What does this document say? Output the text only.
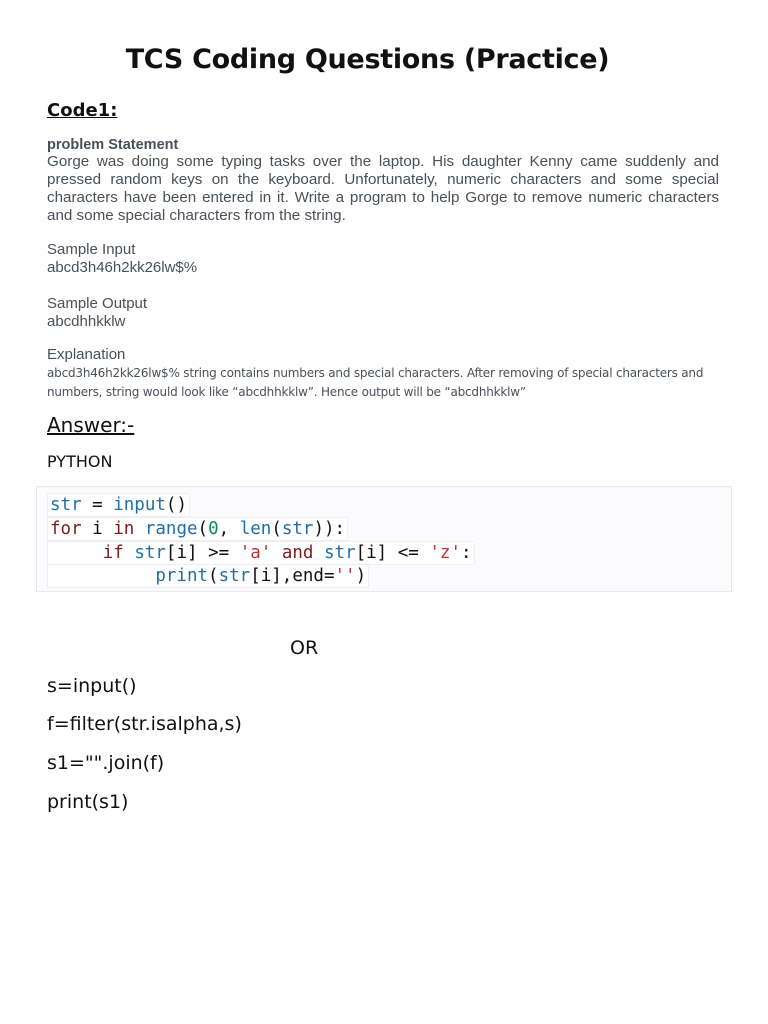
TCS Coding Questions (Practice)
Code1:
problem Statement

Gorge was doing some typing tasks over the laptop. His daughter Kenny came suddenly and pressed random keys on the keyboard. Unfortunately, numeric characters and some special characters have been entered in it. Write a program to help Gorge to remove numeric characters and some special characters from the string.

Sample Input
abcd3h46h2kk26lw$%
Sample Output
abcdhhkklw
Explanation
abcd3h46h2kk26lw$% string contains numbers and special characters. After removing of special characters and numbers, string would look like “abcdhhkklw”. Hence output will be “abcdhhkklw”
Answer:-
PYTHON
str = input()
for i in range(0, len(str)):
if str[i] >= 'a' and str[i] <= 'z':
print(str[i],end='')
OR
s=input()
f=filter(str.isalpha,s)
s1="".join(f)
print(s1)
